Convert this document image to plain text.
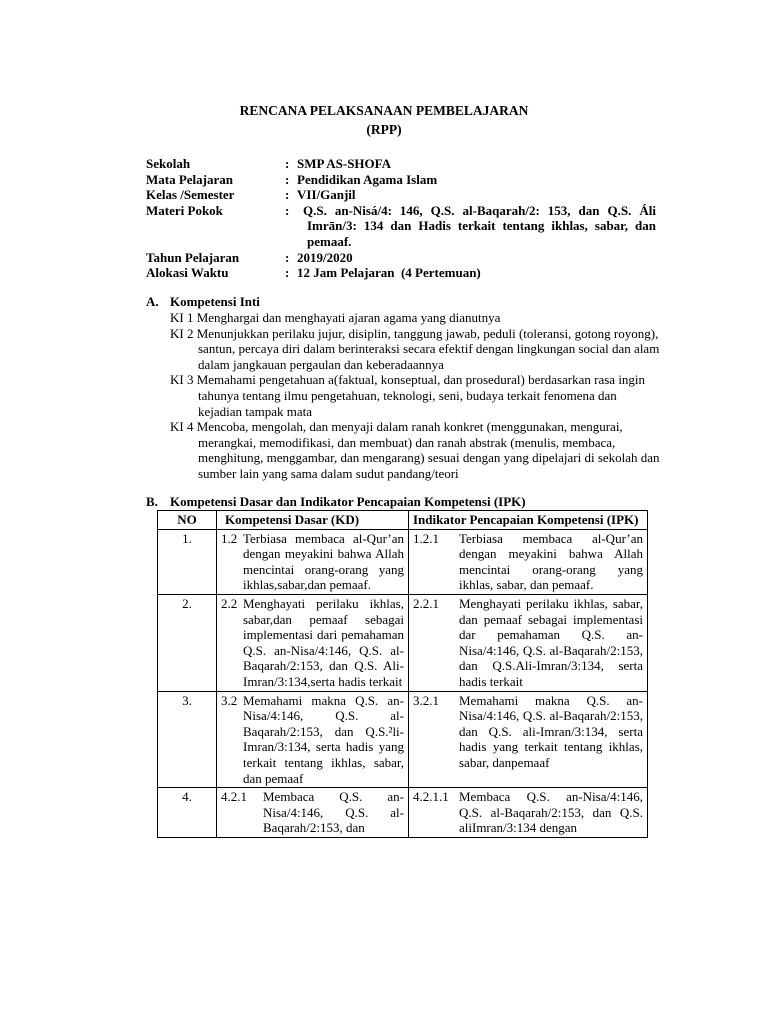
RENCANA PELAKSANAAN PEMBELAJARAN
(RPP)
Sekolah	: SMP AS-SHOFA
Mata Pelajaran	: Pendidikan Agama Islam
Kelas /Semester	: VII/Ganjil
Materi Pokok	:	Q.S. an-Nisá/4: 146, Q.S. al-Baqarah/2: 153, dan Q.S. Áli Imrān/3: 134 dan Hadis terkait tentang ikhlas, sabar, dan pemaaf.
Tahun Pelajaran	: 2019/2020
Alokasi Waktu	: 12 Jam Pelajaran  (4 Pertemuan)
A. Kompetensi Inti
KI 1 Menghargai dan menghayati ajaran agama yang dianutnya
KI 2 Menunjukkan perilaku jujur, disiplin, tanggung jawab, peduli (toleransi, gotong royong), santun, percaya diri dalam berinteraksi secara efektif dengan lingkungan social dan alam dalam jangkauan pergaulan dan keberadaannya
KI 3 Memahami pengetahuan a(faktual, konseptual, dan prosedural) berdasarkan rasa ingin tahunya tentang ilmu pengetahuan, teknologi, seni, budaya terkait fenomena dan kejadian tampak mata
KI 4 Mencoba, mengolah, dan menyaji dalam ranah konkret (menggunakan, mengurai, merangkai, memodifikasi, dan membuat) dan ranah abstrak (menulis, membaca, menghitung, menggambar, dan mengarang) sesuai dengan yang dipelajari di sekolah dan sumber lain yang sama dalam sudut pandang/teori
B. Kompetensi Dasar dan Indikator Pencapaian Kompetensi (IPK)
NO	Kompetensi Dasar (KD)	Indikator Pencapaian Kompetensi (IPK)
1.	1.2 Terbiasa membaca al-Qur’an dengan meyakini bahwa Allah mencintai orang-orang yang ikhlas,sabar,dan pemaaf.	1.2.1 Terbiasa membaca al-Qur’an dengan meyakini bahwa Allah mencintai orang-orang yang ikhlas, sabar, dan pemaaf.

2.	2.2 Menghayati perilaku ikhlas, sabar,dan pemaaf sebagai implementasi dari pemahaman Q.S. an-Nisa/4:146, Q.S. al-Baqarah/2:153, dan Q.S. Ali-Imran/3:134,serta hadis terkait	2.2.1 Menghayati perilaku ikhlas, sabar, dan pemaaf sebagai implementasi dar pemahaman Q.S. an-Nisa/4:146, Q.S. al-Baqarah/2:153, dan Q.S.Ali-Imran/3:134, serta hadis terkait

3.	3.2 Memahami makna Q.S. an-Nisa/4:146, Q.S. al-Baqarah/2:153, dan Q.S.²li-Imran/3:134, serta hadis yang terkait tentang ikhlas, sabar, dan pemaaf	3.2.1 Memahami makna Q.S. an-Nisa/4:146, Q.S. al-Baqarah/2:153, dan Q.S. ali-Imran/3:134, serta hadis yang terkait tentang ikhlas, sabar, danpemaaf

4.	4.2.1 Membaca Q.S. an-Nisa/4:146, Q.S. al-Baqarah/2:153, dan	4.2.1.1 Membaca Q.S. an-Nisa/4:146, Q.S. al-Baqarah/2:153, dan Q.S. aliImran/3:134 dengan
